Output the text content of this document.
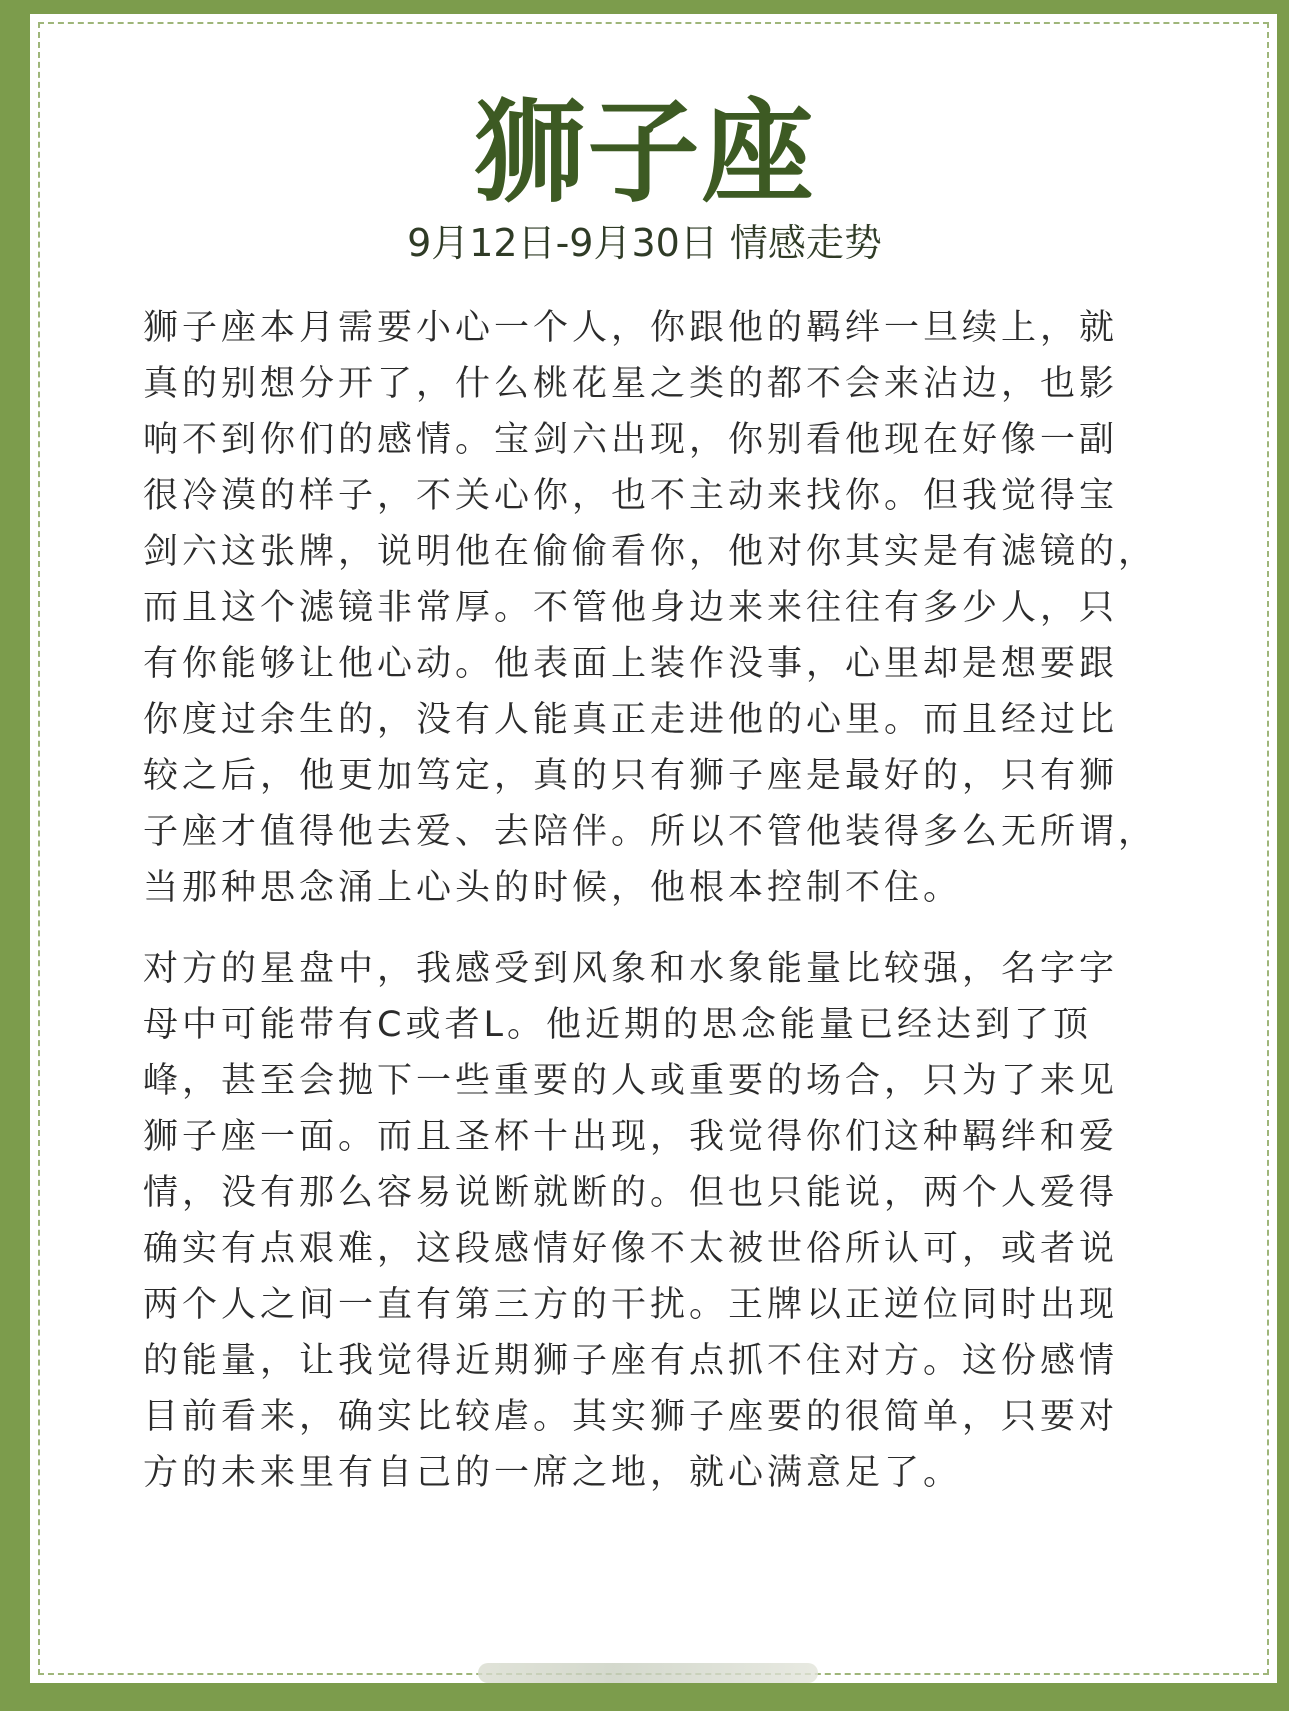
狮子座
9月12日-9月30日 情感走势
狮子座本月需要小心一个人，你跟他的羁绊一旦续上，就
真的别想分开了，什么桃花星之类的都不会来沾边，也影
响不到你们的感情。宝剑六出现，你别看他现在好像一副
很冷漠的样子，不关心你，也不主动来找你。但我觉得宝
剑六这张牌，说明他在偷偷看你，他对你其实是有滤镜的，
而且这个滤镜非常厚。不管他身边来来往往有多少人，只
有你能够让他心动。他表面上装作没事，心里却是想要跟
你度过余生的，没有人能真正走进他的心里。而且经过比
较之后，他更加笃定，真的只有狮子座是最好的，只有狮
子座才值得他去爱、去陪伴。所以不管他装得多么无所谓，
当那种思念涌上心头的时候，他根本控制不住。
对方的星盘中，我感受到风象和水象能量比较强，名字字
母中可能带有C或者L。他近期的思念能量已经达到了顶
峰，甚至会抛下一些重要的人或重要的场合，只为了来见
狮子座一面。而且圣杯十出现，我觉得你们这种羁绊和爱
情，没有那么容易说断就断的。但也只能说，两个人爱得
确实有点艰难，这段感情好像不太被世俗所认可，或者说
两个人之间一直有第三方的干扰。王牌以正逆位同时出现
的能量，让我觉得近期狮子座有点抓不住对方。这份感情
目前看来，确实比较虐。其实狮子座要的很简单，只要对
方的未来里有自己的一席之地，就心满意足了。
